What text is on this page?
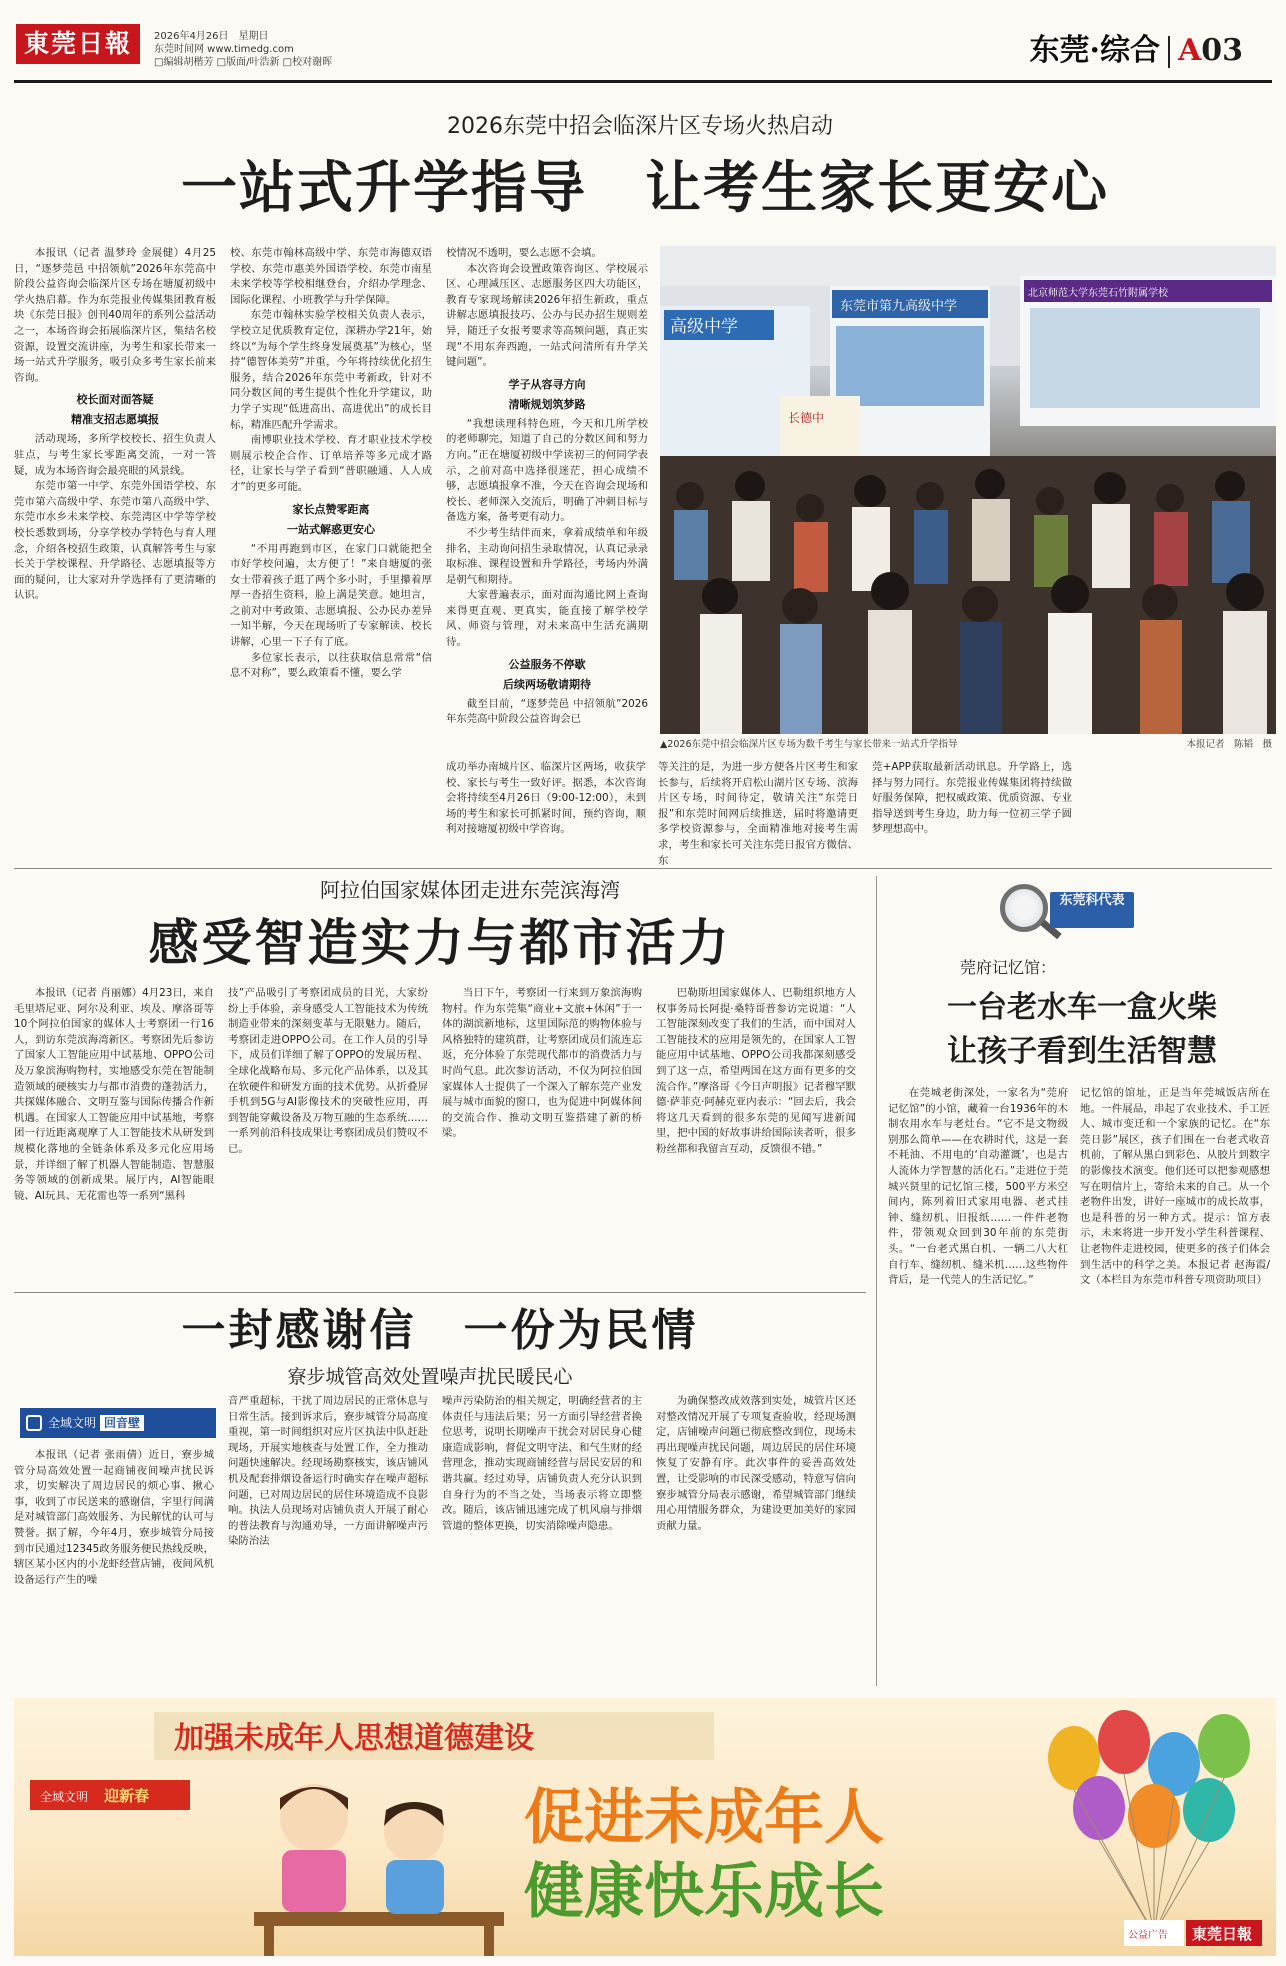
東莞日報	2026年4月26日　星期日
东莞时间网 www.timedg.com
□编辑胡楷芳 □版面/叶浩新 □校对谢晖	东莞·综合 A03
2026东莞中招会临深片区专场火热启动
一站式升学指导　让考生家长更安心

本报讯（记者 温梦玲 金展健）4月25日，“逐梦莞邑 中招领航”2026年东莞高中阶段公益咨询会临深片区专场在塘厦初级中学火热启幕。作为东莞报业传媒集团教育板块《东莞日报》创刊40周年的系列公益活动之一，本场咨询会拓展临深片区，集结名校资源，设置交流讲座，为考生和家长带来一场一站式升学服务，吸引众多考生家长前来咨询。

校长面对面答疑

精准支招志愿填报

活动现场，多所学校校长、招生负责人驻点，与考生家长零距离交流，一对一答疑，成为本场咨询会最亮眼的风景线。

东莞市第一中学、东莞外国语学校、东莞市第六高级中学、东莞市第八高级中学、东莞市水乡未来学校、东莞湾区中学等学校校长悉数到场，分享学校办学特色与育人理念，介绍各校招生政策，认真解答考生与家长关于学校课程、升学路径、志愿填报等方面的疑问，让大家对升学选择有了更清晰的认识。

校、东莞市翰林高级中学、东莞市海德双语学校、东莞市惠美外国语学校、东莞市南星未来学校等学校相继登台，介绍办学理念、国际化课程、小班教学与升学保障。

东莞市翰林实验学校相关负责人表示，学校立足优质教育定位，深耕办学21年，始终以“为每个学生终身发展奠基”为核心，坚持“德智体美劳”并重，今年将持续优化招生服务，结合2026年东莞中考新政，针对不同分数区间的考生提供个性化升学建议，助力学子实现“低进高出、高进优出”的成长目标，精准匹配升学需求。

南博职业技术学校、育才职业技术学校则展示校企合作、订单培养等多元成才路径，让家长与学子看到“普职融通、人人成才”的更多可能。

家长点赞零距离

一站式解惑更安心

“不用再跑到市区，在家门口就能把全市好学校问遍，太方便了！”来自塘厦的张女士带着孩子逛了两个多小时，手里攥着厚厚一沓招生资料，脸上满是笑意。她坦言，之前对中考政策、志愿填报、公办民办差异一知半解，今天在现场听了专家解读、校长讲解，心里一下子有了底。

多位家长表示，以往获取信息常常“信息不对称”，要么政策看不懂，要么学

校情况不透明，要么志愿不会填。

本次咨询会设置政策咨询区、学校展示区、心理减压区、志愿服务区四大功能区，教育专家现场解读2026年招生新政，重点讲解志愿填报技巧、公办与民办招生规则差异，随迁子女报考要求等高频问题，真正实现“不用东奔西跑，一站式问清所有升学关键问题”。

学子从容寻方向

清晰规划筑梦路

“我想读理科特色班，今天和几所学校的老师聊完，知道了自己的分数区间和努力方向。”正在塘厦初级中学读初三的何同学表示，之前对高中选择很迷茫，担心成绩不够，志愿填报拿不准，今天在咨询会现场和校长、老师深入交流后，明确了冲刺目标与备选方案，备考更有动力。

不少考生结伴而来，拿着成绩单和年级排名，主动询问招生录取情况，认真记录录取标准、课程设置和升学路径，考场内外满是朝气和期待。

大家普遍表示，面对面沟通比网上查询来得更直观、更真实，能直接了解学校学风、师资与管理，对未来高中生活充满期待。

公益服务不停歇

后续两场敬请期待

截至目前，“逐梦莞邑 中招领航”2026年东莞高中阶段公益咨询会已

高级中学
东莞市第九高级中学
北京师范大学东莞石竹附属学校
长德中
▲2026东莞中招会临深片区专场为数千考生与家长带来一站式升学指导	本报记者　陈韬　摄

成功举办南城片区、临深片区两场，收获学校、家长与考生一致好评。据悉，本次咨询会将持续至4月26日（9:00-12:00），未到场的考生和家长可抓紧时间，预约咨询，顺利对接塘厦初级中学咨询。

等关注的是，为进一步方便各片区考生和家长参与，后续将开启松山湖片区专场、滨海片区专场，时间待定，敬请关注“东莞日报”和东莞时间网后续推送，届时将邀请更多学校资源参与，全面精准地对接考生需求，考生和家长可关注东莞日报官方微信、东

莞+APP获取最新活动讯息。升学路上，选择与努力同行。东莞报业传媒集团将持续做好服务保障，把权威政策、优质资源、专业指导送到考生身边，助力每一位初三学子圆梦理想高中。

阿拉伯国家媒体团走进东莞滨海湾
感受智造实力与都市活力

本报讯（记者 肖丽娜）4月23日，来自毛里塔尼亚、阿尔及利亚、埃及、摩洛哥等10个阿拉伯国家的媒体人士考察团一行16人，到访东莞滨海湾新区。考察团先后参访了国家人工智能应用中试基地、OPPO公司及万象滨海购物村，实地感受东莞在智能制造领域的硬核实力与都市消费的蓬勃活力，共探媒体融合、文明互鉴与国际传播合作新机遇。在国家人工智能应用中试基地，考察团一行近距离观摩了人工智能技术从研发到规模化落地的全链条体系及多元化应用场景，并详细了解了机器人智能制造、智慧服务等领域的创新成果。展厅内，AI智能眼镜、AI玩具、无花雷也等一系列“黑科

技”产品吸引了考察团成员的目光，大家纷纷上手体验，亲身感受人工智能技术为传统制造业带来的深刻变革与无限魅力。随后，考察团走进OPPO公司。在工作人员的引导下，成员们详细了解了OPPO的发展历程、全球化战略布局、多元化产品体系，以及其在软硬件和研发方面的技术优势。从折叠屏手机到5G与AI影像技术的突破性应用，再到智能穿戴设备及万物互融的生态系统……一系列前沿科技成果让考察团成员们赞叹不已。

当日下午，考察团一行来到万象滨海购物村。作为东莞集“商业+文旅+休闲”于一体的湖滨新地标，这里国际范的购物体验与风格独特的建筑群，让考察团成员们流连忘返，充分体验了东莞现代都市的消费活力与时尚气息。此次参访活动，不仅为阿拉伯国家媒体人士提供了一个深入了解东莞产业发展与城市面貌的窗口，也为促进中阿媒体间的交流合作、推动文明互鉴搭建了新的桥梁。

巴勒斯坦国家媒体人、巴勒组织地方人权事务局长阿提·桑特哥普参访完说道：“人工智能深刻改变了我们的生活，而中国对人工智能技术的应用是领先的，在国家人工智能应用中试基地、OPPO公司我都深刻感受到了这一点，希望两国在这方面有更多的交流合作。”摩洛哥《今日声明报》记者穆罕默德·萨菲克·阿赫克亚内表示：“回去后，我会将这几天看到的很多东莞的见闻写进新闻里，把中国的好故事讲给国际读者听，很多粉丝都和我留言互动，反馈很不错。”

一封感谢信　一份为民情
寮步城管高效处置噪声扰民暖民心
全域文明 回音壁

本报讯（记者 张雨倩）近日，寮步城管分局高效处置一起商铺夜间噪声扰民诉求，切实解决了周边居民的烦心事、揪心事，收到了市民送来的感谢信，字里行间满是对城管部门高效服务、为民解忧的认可与赞誉。据了解，今年4月，寮步城管分局接到市民通过12345政务服务便民热线反映，辖区某小区内的小龙虾经营店铺，夜间风机设备运行产生的噪

音严重超标，干扰了周边居民的正常休息与日常生活。接到诉求后，寮步城管分局高度重视，第一时间组织对应片区执法中队赶赴现场，开展实地核查与处置工作，全力推动问题快速解决。经现场勘察核实，该店铺风机及配套排烟设备运行时确实存在噪声超标问题，已对周边居民的居住环境造成不良影响。执法人员现场对店铺负责人开展了耐心的普法教育与沟通劝导，一方面讲解噪声污染防治法

噪声污染防治的相关规定，明确经营者的主体责任与违法后果；另一方面引导经营者换位思考，说明长期噪声干扰会对居民身心健康造成影响，督促文明守法、和气生财的经营理念，推动实现商铺经营与居民安居的和谐共赢。经过劝导，店铺负责人充分认识到自身行为的不当之处，当场表示将立即整改。随后，该店铺迅速完成了机风扇与排烟管道的整体更换，切实消除噪声隐患。

为确保整改成效落到实处，城管片区还对整改情况开展了专项复查验收，经现场测定，店铺噪声问题已彻底整改到位，现场未再出现噪声扰民问题，周边居民的居住环境恢复了安静有序。此次事件的妥善高效处置，让受影响的市民深受感动，特意写信向寮步城管分局表示感谢，希望城管部门继续用心用情服务群众，为建设更加美好的家园贡献力量。

东莞科代表
莞府记忆馆：
一台老水车一盒火柴
让孩子看到生活智慧

在莞城老街深处，一家名为“莞府记忆馆”的小馆，藏着一台1936年的木制农用水车与老灶台。“它不是文物级别那么简单——在农耕时代，这是一套不耗油、不用电的‘自动灌溉’，也是古人流体力学智慧的活化石。”走进位于莞城兴贤里的记忆馆三楼，500平方米空间内，陈列着旧式家用电器、老式挂钟、缝纫机、旧报纸……一件件老物件，带领观众回到30年前的东莞街头。“一台老式黑白机、一辆二八大杠自行车、缝纫机、缝米机……这些物件背后，是一代莞人的生活记忆。”

记忆馆的馆址，正是当年莞城饭店所在地。一件展品，串起了农业技术、手工匠人、城市变迁和一个家族的记忆。在“东莞日影”展区，孩子们围在一台老式收音机前，了解从黑白到彩色、从胶片到数字的影像技术演变。他们还可以把参观感想写在明信片上，寄给未来的自己。从一个老物件出发，讲好一座城市的成长故事，也是科普的另一种方式。提示：馆方表示，未来将进一步开发小学生科普课程、让老物件走进校园，使更多的孩子们体会到生活中的科学之美。本报记者 赵海霞/文（本栏目为东莞市科普专项资助项目）

加强未成年人思想道德建设
全域文明 迎新春	促进未成年人
健康快乐成长
公益广告 東莞日報
